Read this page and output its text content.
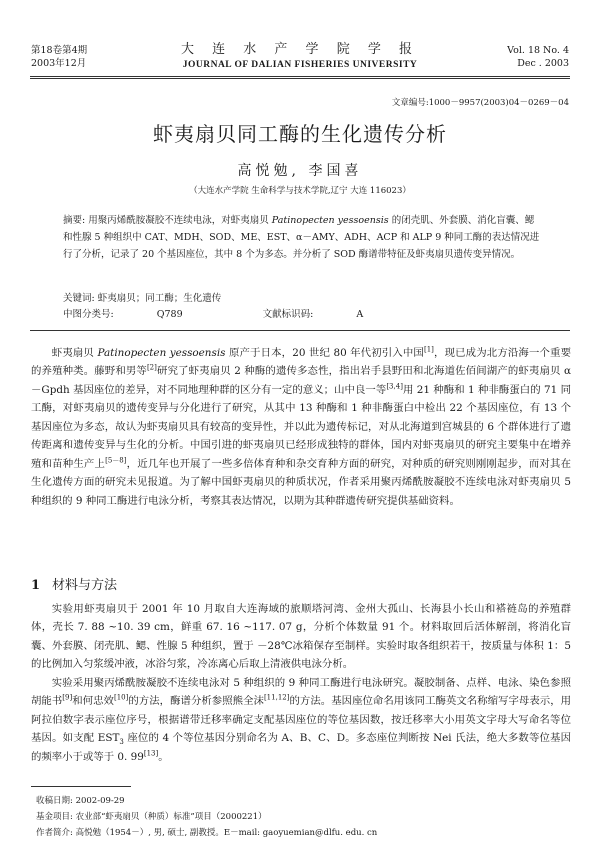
第18卷第4期
2003年12月
大 连 水 产 学 院 学 报
JOURNAL OF DALIAN FISHERIES UNIVERSITY
Vol. 18 No. 4
Dec . 2003
文章编号:1000－9957(2003)04－0269－04
虾夷扇贝同工酶的生化遗传分析
高悦勉, 李国喜
（大连水产学院 生命科学与技术学院,辽宁 大连 116023）
摘要: 用聚丙烯酰胺凝胶不连续电泳，对虾夷扇贝 Patinopecten yessoensis 的闭壳肌、外套膜、消化盲囊、鳃和性腺 5 种组织中 CAT、MDH、SOD、ME、EST、α－AMY、ADH、ACP 和 ALP 9 种同工酶的表达情况进行了分析，记录了 20 个基因座位，其中 8 个为多态。并分析了 SOD 酶谱带特征及虾夷扇贝遗传变异情况。
关键词: 虾夷扇贝；同工酶；生化遗传
中图分类号:	Q789	文献标识码:	A
虾夷扇贝 Patinopecten yessoensis 原产于日本，20 世纪 80 年代初引入中国[1]，现已成为北方沿海一个重要的养殖种类。藤野和男等[2]研究了虾夷扇贝 2 种酶的遗传多态性，指出岩手县野田和北海道佐佰间湖产的虾夷扇贝 α－Gpdh 基因座位的差异，对不同地理种群的区分有一定的意义；山中良一等[3,4]用 21 种酶和 1 种非酶蛋白的 71 同工酶，对虾夷扇贝的遗传变异与分化进行了研究，从其中 13 种酶和 1 种非酶蛋白中检出 22 个基因座位，有 13 个基因座位为多态，故认为虾夷扇贝具有较高的变异性，并以此为遗传标记，对从北海道到宫城县的 6 个群体进行了遗传距离和遗传变异与生化的分析。中国引进的虾夷扇贝已经形成独特的群体，国内对虾夷扇贝的研究主要集中在增养殖和苗种生产上[5－8]，近几年也开展了一些多倍体育种和杂交育种方面的研究，对种质的研究则刚刚起步，而对其在生化遗传方面的研究未见报道。为了解中国虾夷扇贝的种质状况，作者采用聚丙烯酰胺凝胶不连续电泳对虾夷扇贝 5 种组织的 9 种同工酶进行电泳分析，考察其表达情况，以期为其种群遗传研究提供基础资料。
1 材料与方法
实验用虾夷扇贝于 2001 年 10 月取自大连海域的旅顺塔河湾、金州大孤山、长海县小长山和褡裢岛的养殖群体，壳长 7. 88 ~10. 39 cm，鲜重 67. 16 ~117. 07 g，分析个体数量 91 个。材料取回后活体解剖，将消化盲囊、外套膜、闭壳肌、鳃、性腺 5 种组织，置于 －28℃冰箱保存至制样。实验时取各组织若干，按质量与体积 1：5 的比例加入匀浆缓冲液，冰浴匀浆，冷冻离心后取上清液供电泳分析。
实验采用聚丙烯酰胺凝胶不连续电泳对 5 种组织的 9 种同工酶进行电泳研究。凝胶制备、点样、电泳、染色参照胡能书[9]和何忠效[10]的方法，酶谱分析参照熊全沫[11,12]的方法。基因座位命名用该同工酶英文名称缩写字母表示，用阿拉伯数字表示座位序号，根据谱带迁移率确定支配基因座位的等位基因数，按迁移率大小用英文字母大写命名等位基因。如支配 $EST_3$ 座位的 4 个等位基因分别命名为 A、B、C、D。多态座位判断按 Nei 氏法，绝大多数等位基因的频率小于或等于 0. 99[13]。
收稿日期: 2002-09-29
基金项目: 农业部“虾夷扇贝（种质）标准”项目（2000221）
作者简介: 高悦勉（1954－）, 男, 硕士, 副教授。E－mail: gaoyuemian@dlfu. edu. cn
